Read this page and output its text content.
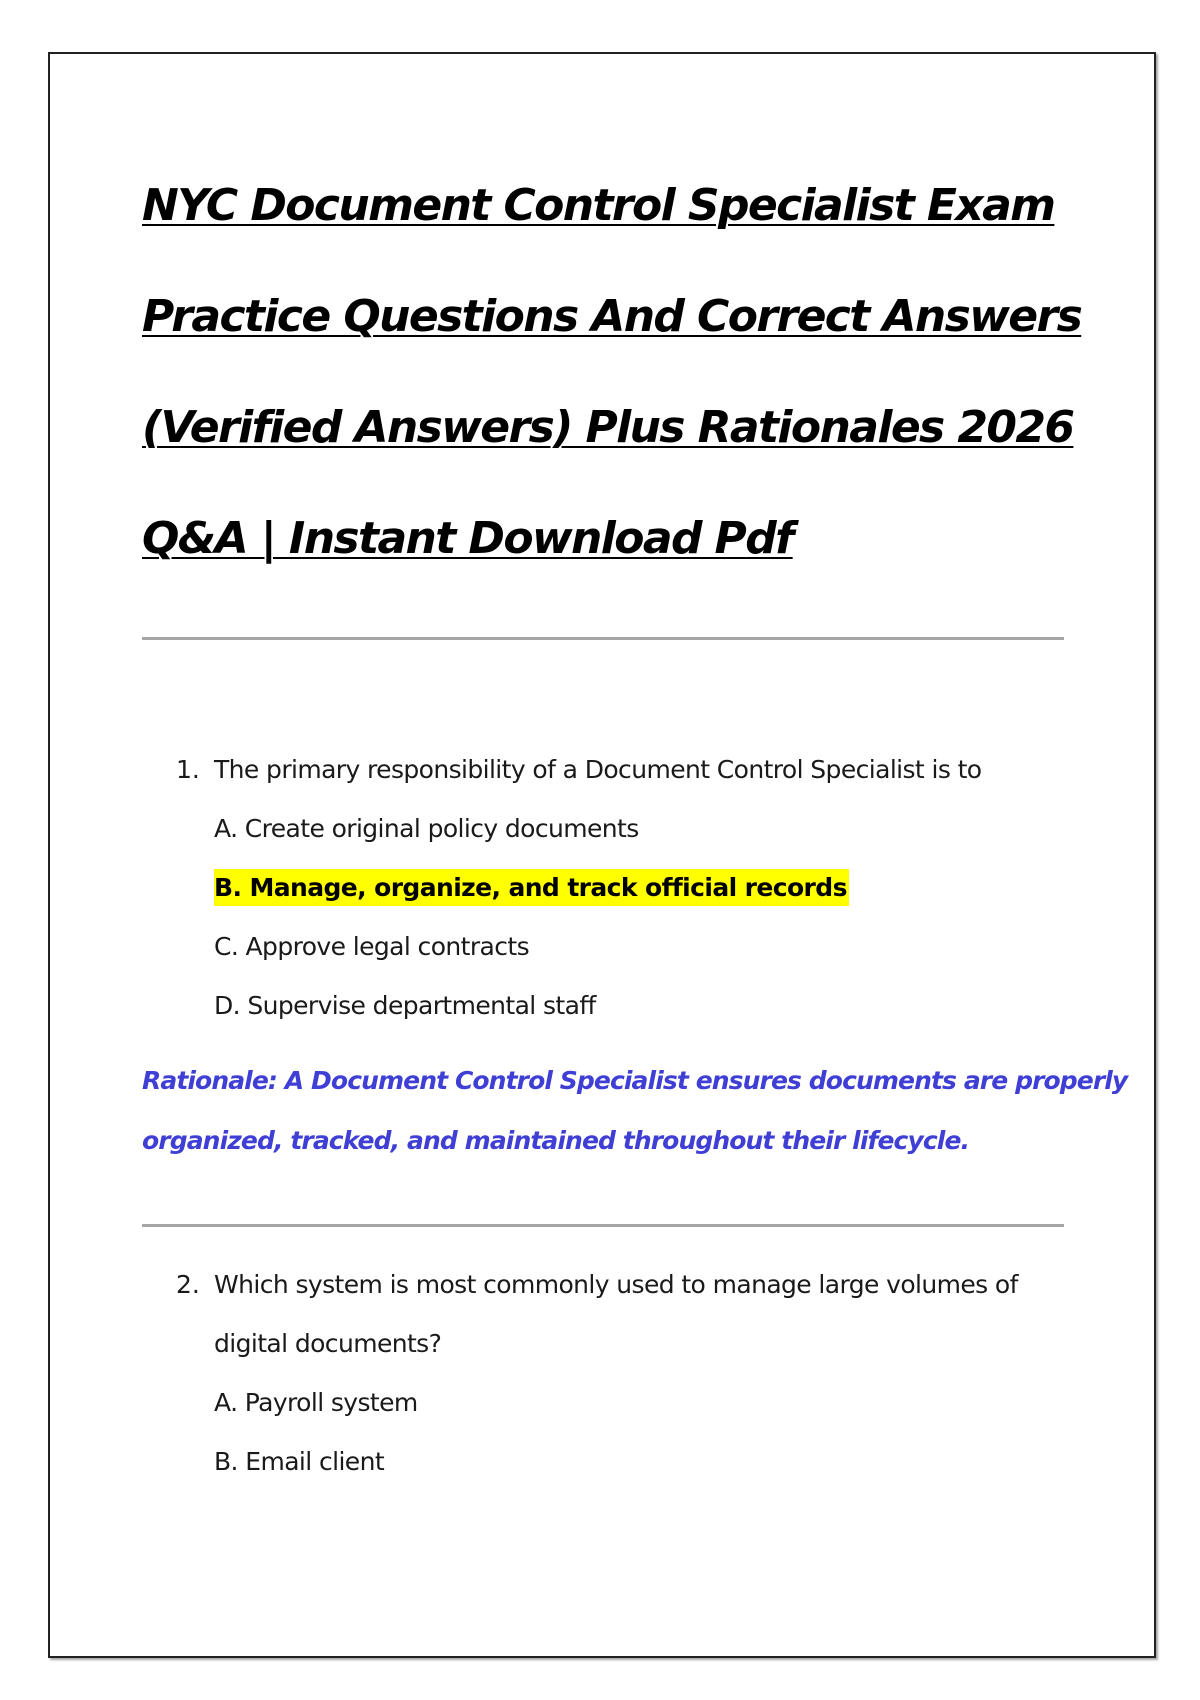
NYC Document Control Specialist Exam
Practice Questions And Correct Answers
(Verified Answers) Plus Rationales 2026
Q&A | Instant Download Pdf
1. The primary responsibility of a Document Control Specialist is to
A. Create original policy documents
B. Manage, organize, and track official records
C. Approve legal contracts
D. Supervise departmental staff
Rationale: A Document Control Specialist ensures documents are properly
organized, tracked, and maintained throughout their lifecycle.
2. Which system is most commonly used to manage large volumes of
digital documents?
A. Payroll system
B. Email client
